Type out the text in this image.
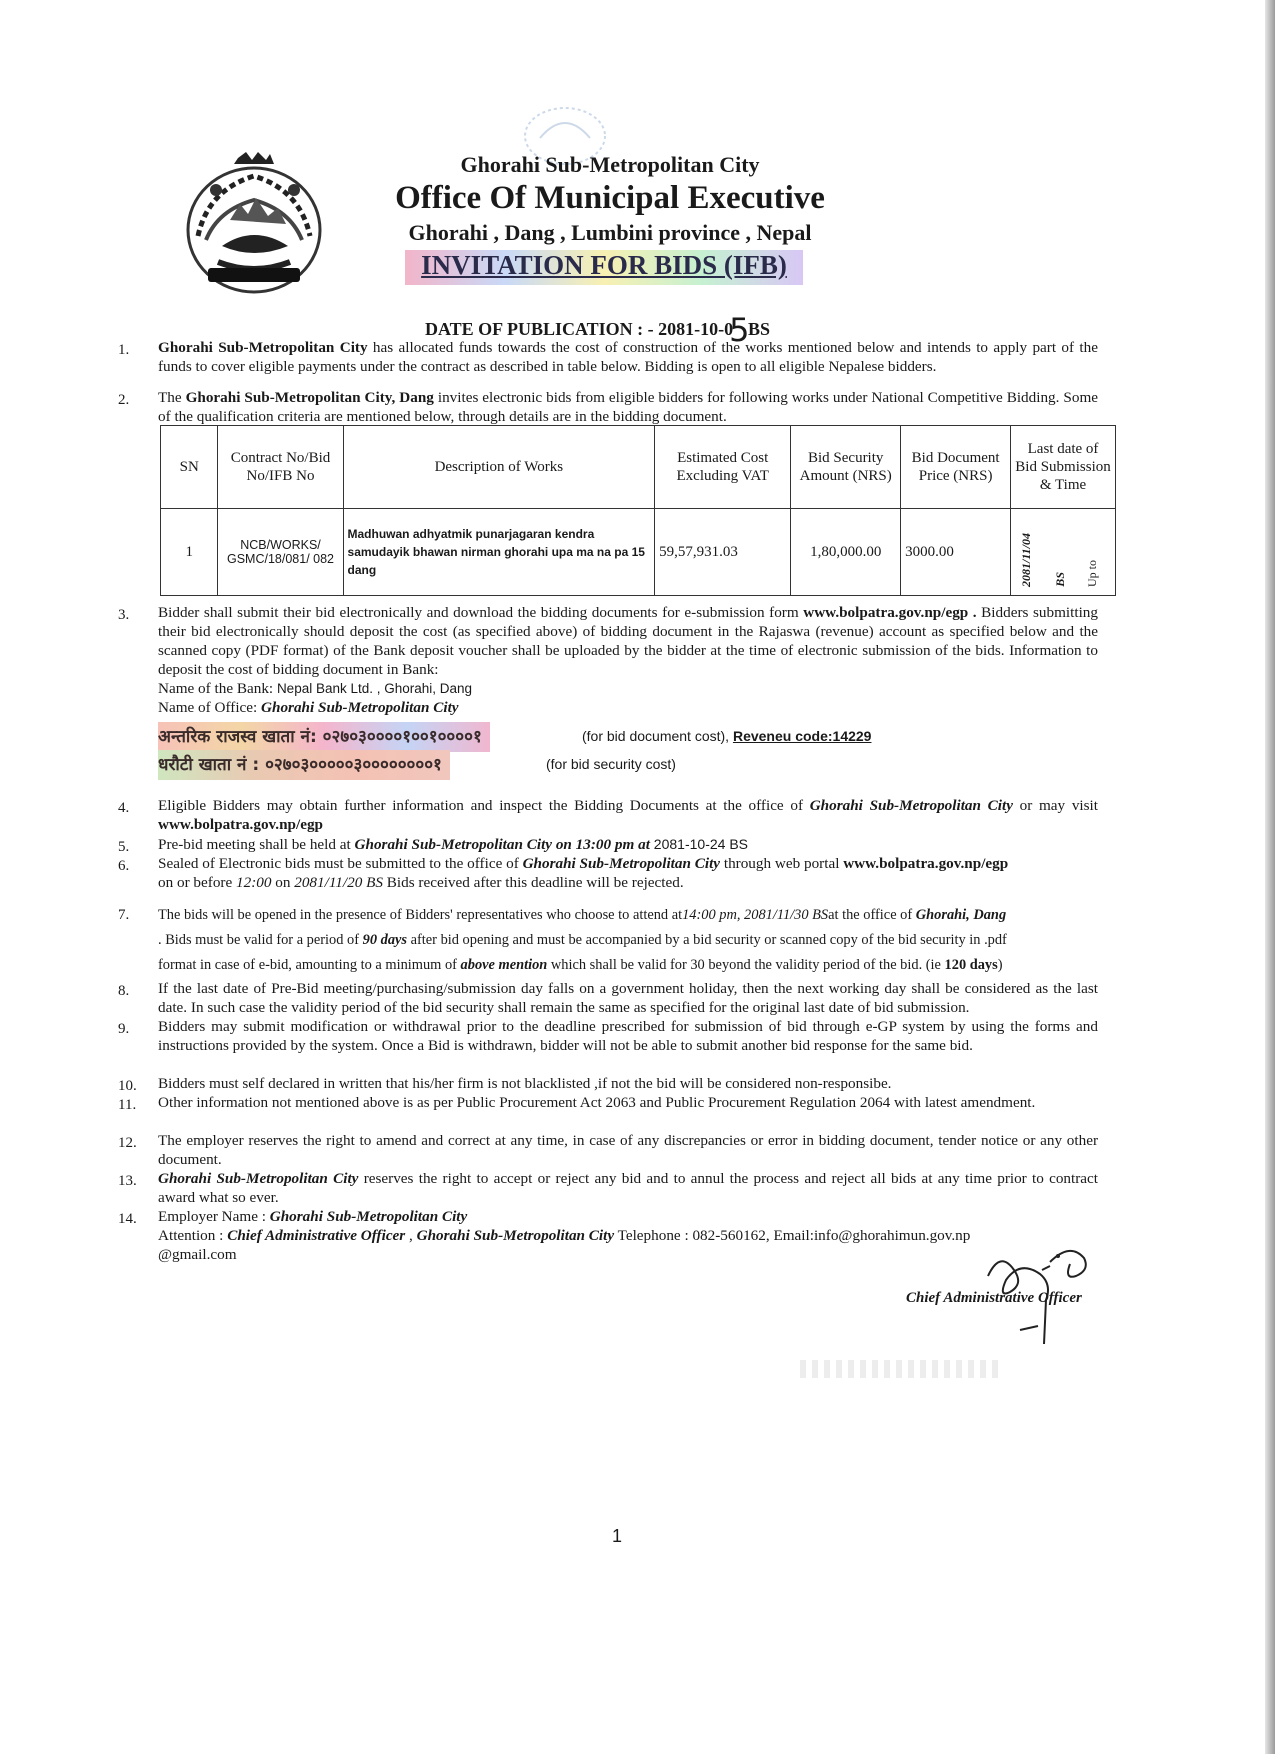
Ghorahi Sub-Metropolitan City
Office Of Municipal Executive
Ghorahi , Dang , Lumbini province , Nepal
INVITATION FOR BIDS (IFB)
DATE OF PUBLICATION : - 2081-10-05 BS
1. Ghorahi Sub-Metropolitan City has allocated funds towards the cost of construction of the works mentioned below and intends to apply part of the funds to cover eligible payments under the contract as described in table below. Bidding is open to all eligible Nepalese bidders.
2. The Ghorahi Sub-Metropolitan City, Dang invites electronic bids from eligible bidders for following works under National Competitive Bidding. Some of the qualification criteria are mentioned below, through details are in the bidding document.
SN	Contract No/Bid No/IFB No	Description of Works	Estimated Cost Excluding VAT	Bid Security Amount (NRS)	Bid Document Price (NRS)	Last date of Bid Submission & Time
1	NCB/WORKS/ GSMC/18/081/ 082	Madhuwan adhyatmik punarjagaran kendra samudayik bhawan nirman ghorahi upa ma na pa 15 dang	59,57,931.03	1,80,000.00	3000.00	2081/11/04 BS Up to
3. Bidder shall submit their bid electronically and download the bidding documents for e-submission form www.bolpatra.gov.np/egp . Bidders submitting their bid electronically should deposit the cost (as specified above) of bidding document in the Rajaswa (revenue) account as specified below and the scanned copy (PDF format) of the Bank deposit voucher shall be uploaded by the bidder at the time of electronic submission of the bids. Information to deposit the cost of bidding document in Bank:
Name of the Bank: Nepal Bank Ltd. , Ghorahi, Dang
Name of Office: Ghorahi Sub-Metropolitan City
अन्तरिक राजस्व खाता नं: ०२७०३००००१००१००००१	(for bid document cost), Reveneu code:14229
धरौटी खाता नं : ०२७०३०००००३००००००००१	(for bid security cost)
4. Eligible Bidders may obtain further information and inspect the Bidding Documents at the office of Ghorahi Sub-Metropolitan City or may visit www.bolpatra.gov.np/egp
5. Pre-bid meeting shall be held at Ghorahi Sub-Metropolitan City on 13:00 pm at 2081-10-24 BS
6. Sealed of Electronic bids must be submitted to the office of Ghorahi Sub-Metropolitan City through web portal www.bolpatra.gov.np/egp
on or before 12:00 on 2081/11/20 BS Bids received after this deadline will be rejected.
7. The bids will be opened in the presence of Bidders' representatives who choose to attend at14:00 pm, 2081/11/30 BSat the office of Ghorahi, Dang
. Bids must be valid for a period of 90 days after bid opening and must be accompanied by a bid security or scanned copy of the bid security in .pdf
format in case of e-bid, amounting to a minimum of above mention which shall be valid for 30 beyond the validity period of the bid. (ie 120 days)
8. If the last date of Pre-Bid meeting/purchasing/submission day falls on a government holiday, then the next working day shall be considered as the last date. In such case the validity period of the bid security shall remain the same as specified for the original last date of bid submission.
9. Bidders may submit modification or withdrawal prior to the deadline prescribed for submission of bid through e-GP system by using the forms and instructions provided by the system. Once a Bid is withdrawn, bidder will not be able to submit another bid response for the same bid.
10. Bidders must self declared in written that his/her firm is not blacklisted ,if not the bid will be considered non-responsibe.
11. Other information not mentioned above is as per Public Procurement Act 2063 and Public Procurement Regulation 2064 with latest amendment.
12. The employer reserves the right to amend and correct at any time, in case of any discrepancies or error in bidding document, tender notice or any other document.
13. Ghorahi Sub-Metropolitan City reserves the right to accept or reject any bid and to annul the process and reject all bids at any time prior to contract award what so ever.
14. Employer Name : Ghorahi Sub-Metropolitan City
Attention : Chief Administrative Officer , Ghorahi Sub-Metropolitan City Telephone : 082-560162, Email:info@ghorahimun.gov.np
@gmail.com
Chief Administrative Officer
1
